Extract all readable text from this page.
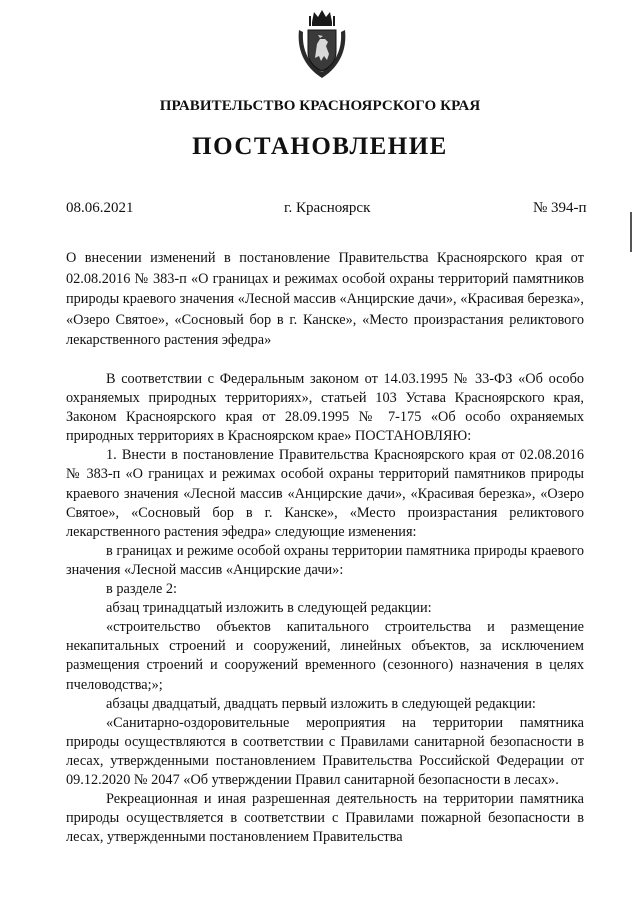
ПРАВИТЕЛЬСТВО КРАСНОЯРСКОГО КРАЯ
ПОСТАНОВЛЕНИЕ
08.06.2021	г. Красноярск	№ 394-п
О внесении изменений в постановление Правительства Красноярского края от 02.08.2016 № 383-п «О границах и режимах особой охраны территорий памятников природы краевого значения «Лесной массив «Анцирские дачи», «Красивая березка», «Озеро Святое», «Сосновый бор в г. Канске», «Место произрастания реликтового лекарственного растения эфедра»

В соответствии с Федеральным законом от 14.03.1995 № 33-ФЗ «Об особо охраняемых природных территориях», статьей 103 Устава Красноярского края, Законом Красноярского края от 28.09.1995 № 7-175 «Об особо охраняемых природных территориях в Красноярском крае» ПОСТАНОВЛЯЮ:

1. Внести в постановление Правительства Красноярского края от 02.08.2016 № 383-п «О границах и режимах особой охраны территорий памятников природы краевого значения «Лесной массив «Анцирские дачи», «Красивая березка», «Озеро Святое», «Сосновый бор в г. Канске», «Место произрастания реликтового лекарственного растения эфедра» следующие изменения:

в границах и режиме особой охраны территории памятника природы краевого значения «Лесной массив «Анцирские дачи»:

в разделе 2:

абзац тринадцатый изложить в следующей редакции:

«строительство объектов капитального строительства и размещение некапитальных строений и сооружений, линейных объектов, за исключением размещения строений и сооружений временного (сезонного) назначения в целях пчеловодства;»;

абзацы двадцатый, двадцать первый изложить в следующей редакции:

«Санитарно-оздоровительные мероприятия на территории памятника природы осуществляются в соответствии с Правилами санитарной безопасности в лесах, утвержденными постановлением Правительства Российской Федерации от 09.12.2020 № 2047 «Об утверждении Правил санитарной безопасности в лесах».

Рекреационная и иная разрешенная деятельность на территории памятника природы осуществляется в соответствии с Правилами пожарной безопасности в лесах, утвержденными постановлением Правительства
